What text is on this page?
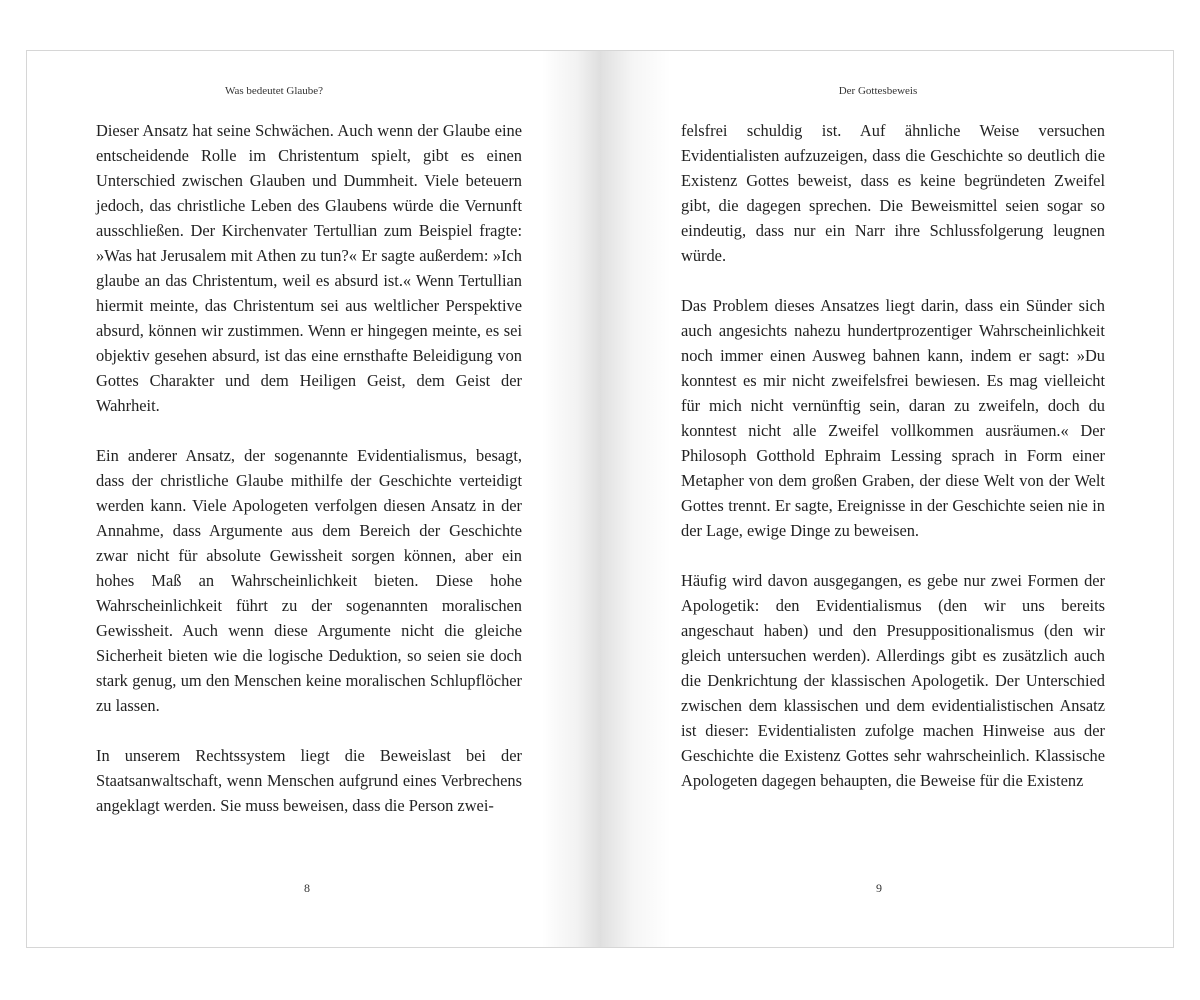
Was bedeutet Glaube?

Dieser Ansatz hat seine Schwächen. Auch wenn der Glaube eine entscheidende Rolle im Christentum spielt, gibt es einen Unterschied zwischen Glauben und Dummheit. Viele beteuern jedoch, das christliche Leben des Glaubens würde die Vernunft ausschließen. Der Kirchenvater Tertullian zum Beispiel fragte: »Was hat Jerusalem mit Athen zu tun?« Er sagte außerdem: »Ich glaube an das Christentum, weil es absurd ist.« Wenn Tertullian hiermit meinte, das Christentum sei aus weltlicher Perspektive absurd, können wir zustimmen. Wenn er hingegen meinte, es sei objektiv gesehen absurd, ist das eine ernsthafte Beleidigung von Gottes Charakter und dem Heiligen Geist, dem Geist der Wahrheit.

Ein anderer Ansatz, der sogenannte Evidentialismus, besagt, dass der christliche Glaube mithilfe der Geschichte verteidigt werden kann. Viele Apologeten verfolgen diesen Ansatz in der Annahme, dass Argumente aus dem Bereich der Geschichte zwar nicht für absolute Gewissheit sorgen können, aber ein hohes Maß an Wahrscheinlichkeit bieten. Diese hohe Wahrscheinlichkeit führt zu der sogenannten moralischen Gewissheit. Auch wenn diese Argumente nicht die gleiche Sicherheit bieten wie die logische Deduktion, so seien sie doch stark genug, um den Menschen keine moralischen Schlupflöcher zu lassen.

In unserem Rechtssystem liegt die Beweislast bei der Staatsanwaltschaft, wenn Menschen aufgrund eines Verbrechens angeklagt werden. Sie muss beweisen, dass die Person zwei-

8
Der Gottesbeweis

felsfrei schuldig ist. Auf ähnliche Weise versuchen Evidentialisten aufzuzeigen, dass die Geschichte so deutlich die Existenz Gottes beweist, dass es keine begründeten Zweifel gibt, die dagegen sprechen. Die Beweismittel seien sogar so eindeutig, dass nur ein Narr ihre Schlussfolgerung leugnen würde.

Das Problem dieses Ansatzes liegt darin, dass ein Sünder sich auch angesichts nahezu hundertprozentiger Wahrscheinlichkeit noch immer einen Ausweg bahnen kann, indem er sagt: »Du konntest es mir nicht zweifelsfrei bewiesen. Es mag vielleicht für mich nicht vernünftig sein, daran zu zweifeln, doch du konntest nicht alle Zweifel vollkommen ausräumen.« Der Philosoph Gotthold Ephraim Lessing sprach in Form einer Metapher von dem großen Graben, der diese Welt von der Welt Gottes trennt. Er sagte, Ereignisse in der Geschichte seien nie in der Lage, ewige Dinge zu beweisen.

Häufig wird davon ausgegangen, es gebe nur zwei Formen der Apologetik: den Evidentialismus (den wir uns bereits angeschaut haben) und den Presuppositionalismus (den wir gleich untersuchen werden). Allerdings gibt es zusätzlich auch die Denkrichtung der klassischen Apologetik. Der Unterschied zwischen dem klassischen und dem evidentialistischen Ansatz ist dieser: Evidentialisten zufolge machen Hinweise aus der Geschichte die Existenz Gottes sehr wahrscheinlich. Klassische Apologeten dagegen behaupten, die Beweise für die Existenz

9
